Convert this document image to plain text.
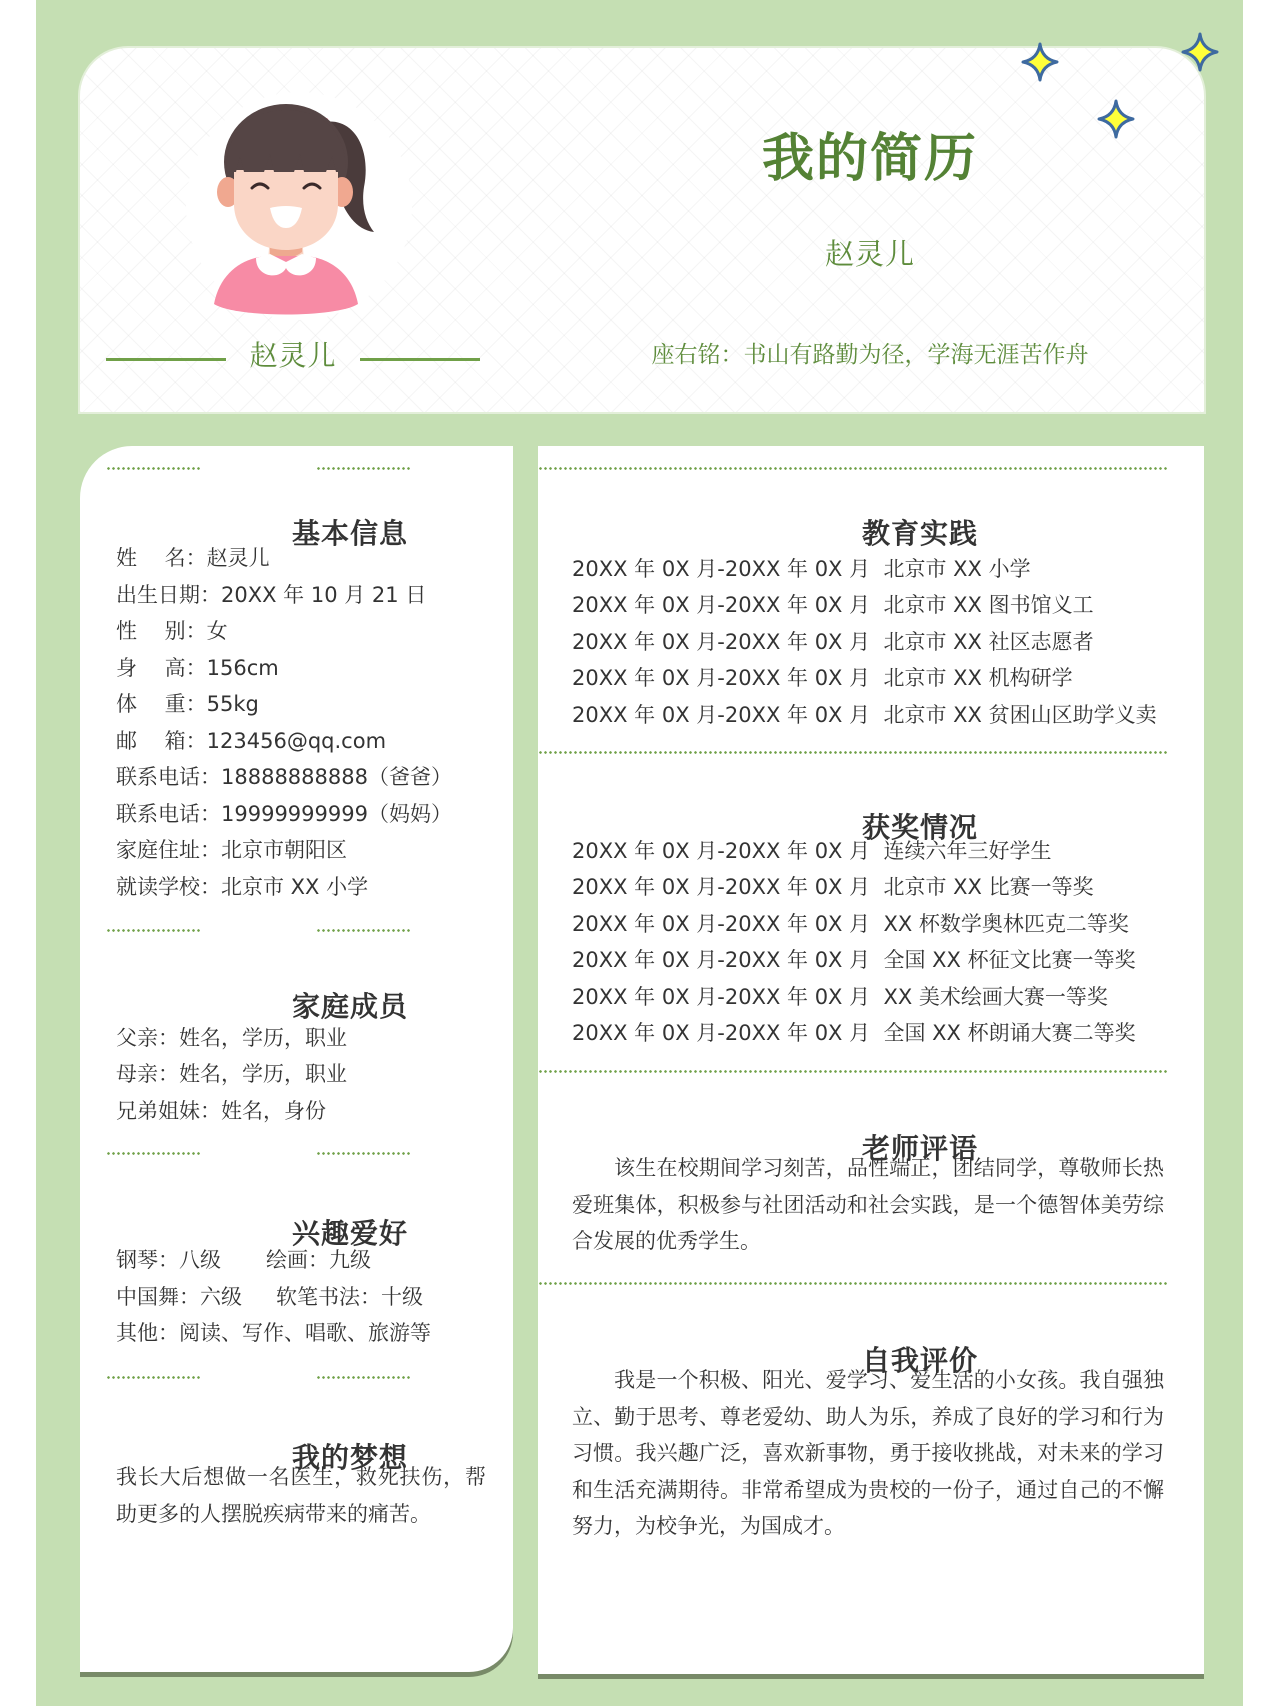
赵灵儿
我的简历
赵灵儿
座右铭：书山有路勤为径，学海无涯苦作舟
基本信息
姓　 名：赵灵儿
出生日期：20XX 年 10 月 21 日
性　 别：女
身　 高：156cm
体　 重：55kg
邮　 箱：123456@qq.com
联系电话：18888888888（爸爸）
联系电话：19999999999（妈妈）
家庭住址：北京市朝阳区
就读学校：北京市 XX 小学
家庭成员
父亲：姓名，学历，职业
母亲：姓名，学历，职业
兄弟姐妹：姓名，身份
兴趣爱好
钢琴：八级 绘画：九级
中国舞：六级 软笔书法：十级
其他：阅读、写作、唱歌、旅游等
我的梦想
我长大后想做一名医生，救死扶伤，帮助更多的人摆脱疾病带来的痛苦。
教育实践
20XX 年 0X 月-20XX 年 0X 月 北京市 XX 小学
20XX 年 0X 月-20XX 年 0X 月 北京市 XX 图书馆义工
20XX 年 0X 月-20XX 年 0X 月 北京市 XX 社区志愿者
20XX 年 0X 月-20XX 年 0X 月 北京市 XX 机构研学
20XX 年 0X 月-20XX 年 0X 月 北京市 XX 贫困山区助学义卖
获奖情况
20XX 年 0X 月-20XX 年 0X 月 连续六年三好学生
20XX 年 0X 月-20XX 年 0X 月 北京市 XX 比赛一等奖
20XX 年 0X 月-20XX 年 0X 月 XX 杯数学奥林匹克二等奖
20XX 年 0X 月-20XX 年 0X 月 全国 XX 杯征文比赛一等奖
20XX 年 0X 月-20XX 年 0X 月 XX 美术绘画大赛一等奖
20XX 年 0X 月-20XX 年 0X 月 全国 XX 杯朗诵大赛二等奖
老师评语
该生在校期间学习刻苦，品性端正，团结同学，尊敬师长热爱班集体，积极参与社团活动和社会实践，是一个德智体美劳综合发展的优秀学生。
自我评价
我是一个积极、阳光、爱学习、爱生活的小女孩。我自强独立、勤于思考、尊老爱幼、助人为乐，养成了良好的学习和行为习惯。我兴趣广泛，喜欢新事物，勇于接收挑战，对未来的学习和生活充满期待。非常希望成为贵校的一份子，通过自己的不懈努力，为校争光，为国成才。
